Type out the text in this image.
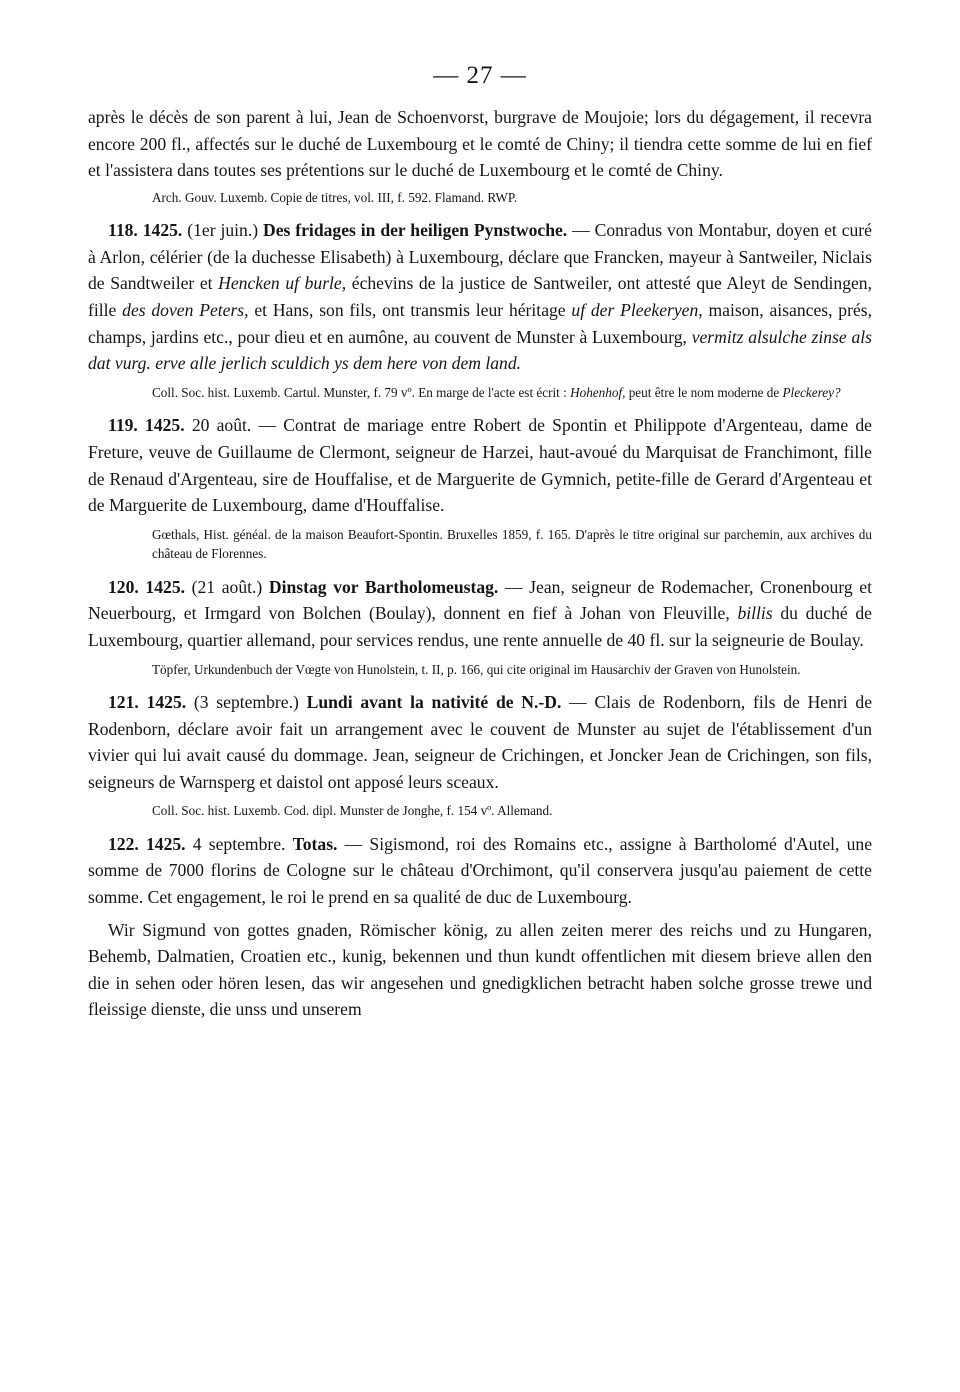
— 27 —

après le décès de son parent à lui, Jean de Schoenvorst, burgrave de Moujoie; lors du dégagement, il recevra encore 200 fl., affectés sur le duché de Luxembourg et le comté de Chiny; il tiendra cette somme de lui en fief et l'assistera dans toutes ses prétentions sur le duché de Luxembourg et le comté de Chiny.

Arch. Gouv. Luxemb. Copie de titres, vol. III, f. 592. Flamand. RWP.

118. 1425. (1er juin.) Des fridages in der heiligen Pynstwoche. — Conradus von Montabur, doyen et curé à Arlon, célérier (de la duchesse Elisabeth) à Luxembourg, déclare que Francken, mayeur à Santweiler, Niclais de Sandtweiler et Hencken uf burle, échevins de la justice de Santweiler, ont attesté que Aleyt de Sendingen, fille des doven Peters, et Hans, son fils, ont transmis leur héritage uf der Pleekeryen, maison, aisances, prés, champs, jardins etc., pour dieu et en aumône, au couvent de Munster à Luxembourg, vermitz alsulche zinse als dat vurg. erve alle jerlich sculdich ys dem here von dem land.

Coll. Soc. hist. Luxemb. Cartul. Munster, f. 79 vº. En marge de l'acte est écrit : Hohenhof, peut être le nom moderne de Pleckerey?

119. 1425. 20 août. — Contrat de mariage entre Robert de Spontin et Philippote d'Argenteau, dame de Freture, veuve de Guillaume de Clermont, seigneur de Harzei, haut-avoué du Marquisat de Franchimont, fille de Renaud d'Argenteau, sire de Houffalise, et de Marguerite de Gymnich, petite-fille de Gerard d'Argenteau et de Marguerite de Luxembourg, dame d'Houffalise.

Gœthals, Hist. généal. de la maison Beaufort-Spontin. Bruxelles 1859, f. 165. D'après le titre original sur parchemin, aux archives du château de Florennes.

120. 1425. (21 août.) Dinstag vor Bartholomeustag. — Jean, seigneur de Rodemacher, Cronenbourg et Neuerbourg, et Irmgard von Bolchen (Boulay), donnent en fief à Johan von Fleuville, billis du duché de Luxembourg, quartier allemand, pour services rendus, une rente annuelle de 40 fl. sur la seigneurie de Boulay.

Töpfer, Urkundenbuch der Vœgte von Hunolstein, t. II, p. 166, qui cite original im Hausarchiv der Graven von Hunolstein.

121. 1425. (3 septembre.) Lundi avant la nativité de N.-D. — Clais de Rodenborn, fils de Henri de Rodenborn, déclare avoir fait un arrangement avec le couvent de Munster au sujet de l'établissement d'un vivier qui lui avait causé du dommage. Jean, seigneur de Crichingen, et Joncker Jean de Crichingen, son fils, seigneurs de Warnsperg et daistol ont apposé leurs sceaux.

Coll. Soc. hist. Luxemb. Cod. dipl. Munster de Jonghe, f. 154 vº. Allemand.

122. 1425. 4 septembre. Totas. — Sigismond, roi des Romains etc., assigne à Bartholomé d'Autel, une somme de 7000 florins de Cologne sur le château d'Orchimont, qu'il conservera jusqu'au paiement de cette somme. Cet engagement, le roi le prend en sa qualité de duc de Luxembourg.

Wir Sigmund von gottes gnaden, Römischer könig, zu allen zeiten merer des reichs und zu Hungaren, Behemb, Dalmatien, Croatien etc., kunig, bekennen und thun kundt offentlichen mit diesem brieve allen den die in sehen oder hören lesen, das wir angesehen und gnedigklichen betracht haben solche grosse trewe und fleissige dienste, die unss und unserem
